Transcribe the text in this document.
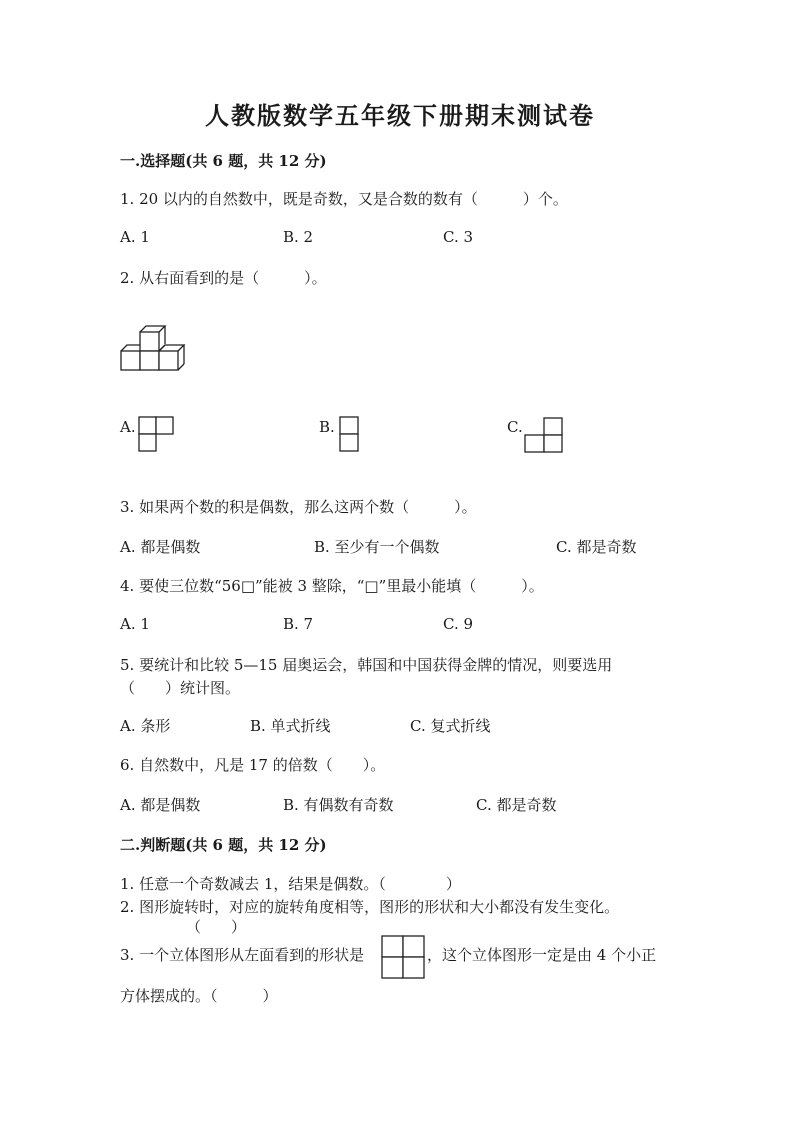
人教版数学五年级下册期末测试卷
一.选择题(共 6 题，共 12 分)
1. 20 以内的自然数中，既是奇数，又是合数的数有（　　　）个。
A. 1	B. 2	C. 3
2. 从右面看到的是（　　　）。
A.	B.	C.
3. 如果两个数的积是偶数，那么这两个数（　　　）。
A. 都是偶数	B. 至少有一个偶数	C. 都是奇数
4. 要使三位数“56□”能被 3 整除，“□”里最小能填（　　　）。
A. 1	B. 7	C. 9
5. 要统计和比较 5—15 届奥运会，韩国和中国获得金牌的情况，则要选用
（　　）统计图。
A. 条形	B. 单式折线	C. 复式折线
6. 自然数中，凡是 17 的倍数（　　）。
A. 都是偶数	B. 有偶数有奇数	C. 都是奇数
二.判断题(共 6 题，共 12 分)
1. 任意一个奇数减去 1，结果是偶数。（　　　　）
2. 图形旋转时，对应的旋转角度相等，图形的形状和大小都没有发生变化。
（　　）
3. 一个立体图形从左面看到的形状是	，这个立体图形一定是由 4 个小正
方体摆成的。（　　　）
